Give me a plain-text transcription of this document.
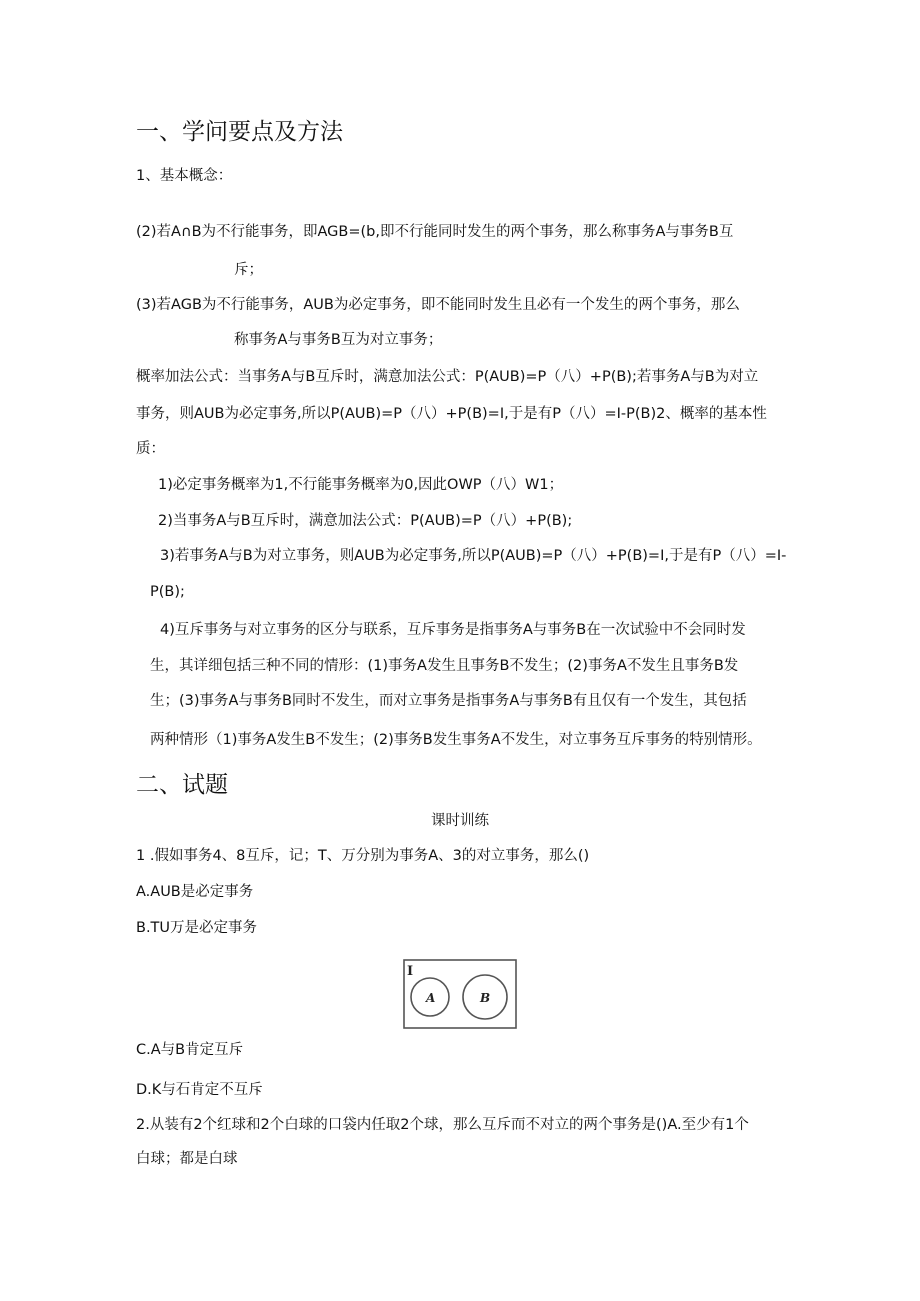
一、学问要点及方法
1、基本概念：
(2)若A∩B为不行能事务，即AGB=(b,即不行能同时发生的两个事务，那么称事务A与事务B互
斥；
(3)若AGB为不行能事务，AUB为必定事务，即不能同时发生且必有一个发生的两个事务，那么
称事务A与事务B互为对立事务；
概率加法公式：当事务A与B互斥时，满意加法公式：P(AUB)=P（八）+P(B);若事务A与B为对立
事务，则AUB为必定事务,所以P(AUB)=P（八）+P(B)=I,于是有P（八）=I-P(B)2、概率的基本性
质：
1)必定事务概率为1,不行能事务概率为0,因此OWP（八）W1；
2)当事务A与B互斥时，满意加法公式：P(AUB)=P（八）+P(B);
3)若事务A与B为对立事务，则AUB为必定事务,所以P(AUB)=P（八）+P(B)=I,于是有P（八）=I-
P(B);
4)互斥事务与对立事务的区分与联系，互斥事务是指事务A与事务B在一次试验中不会同时发
生，其详细包括三种不同的情形：(1)事务A发生且事务B不发生；(2)事务A不发生且事务B发
生；(3)事务A与事务B同时不发生，而对立事务是指事务A与事务B有且仅有一个发生，其包括
两种情形（1)事务A发生B不发生；(2)事务B发生事务A不发生，对立事务互斥事务的特别情形。
二、试题
课时训练
1 .假如事务4、8互斥，记；T、万分别为事务A、3的对立事务，那么()
A.AUB是必定事务
B.TU万是必定事务
I
A	B
C.A与B肯定互斥
D.K与石肯定不互斥
2.从装有2个红球和2个白球的口袋内任取2个球，那么互斥而不对立的两个事务是()A.至少有1个
白球；都是白球
